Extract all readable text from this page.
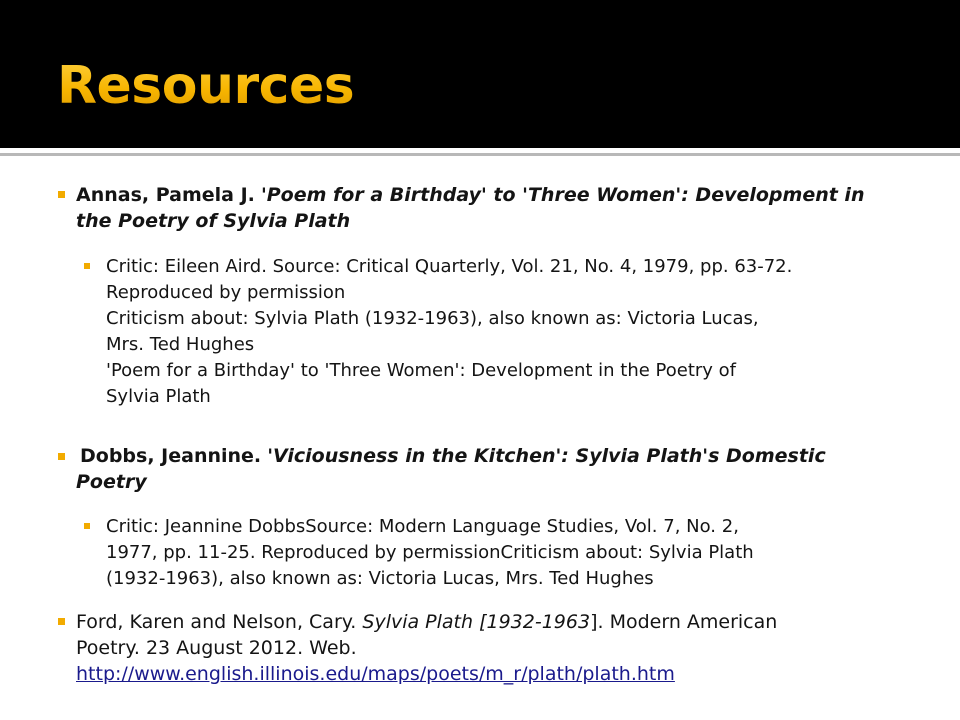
Resources
Annas, Pamela J. 'Poem for a Birthday' to 'Three Women': Development in
the Poetry of Sylvia Plath
Critic: Eileen Aird. Source: Critical Quarterly, Vol. 21, No. 4, 1979, pp. 63-72.
Reproduced by permission
Criticism about: Sylvia Plath (1932-1963), also known as: Victoria Lucas,
Mrs. Ted Hughes
'Poem for a Birthday' to 'Three Women': Development in the Poetry of
Sylvia Plath
Dobbs, Jeannine. 'Viciousness in the Kitchen': Sylvia Plath's Domestic
Poetry
Critic: Jeannine DobbsSource: Modern Language Studies, Vol. 7, No. 2,
1977, pp. 11-25. Reproduced by permissionCriticism about: Sylvia Plath
(1932-1963), also known as: Victoria Lucas, Mrs. Ted Hughes
Ford, Karen and Nelson, Cary. Sylvia Plath [1932-1963]. Modern American
Poetry. 23 August 2012. Web.
http://www.english.illinois.edu/maps/poets/m_r/plath/plath.htm
